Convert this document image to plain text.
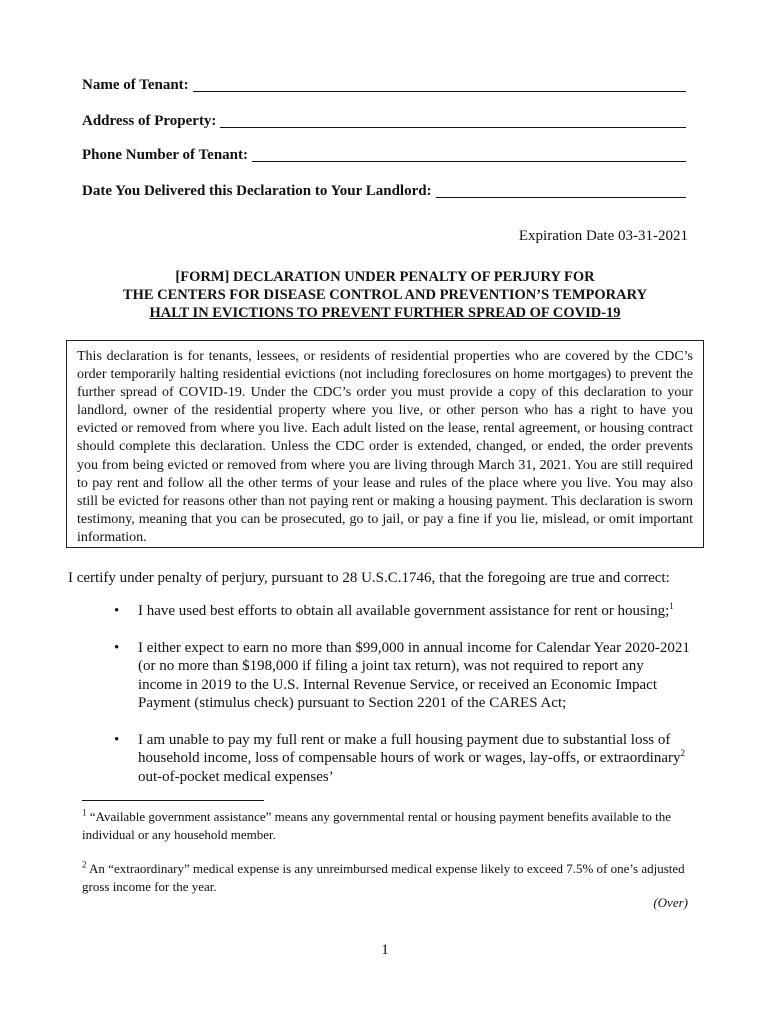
Name of Tenant:
Address of Property:
Phone Number of Tenant:
Date You Delivered this Declaration to Your Landlord:
Expiration Date 03-31-2021
[FORM] DECLARATION UNDER PENALTY OF PERJURY FOR
THE CENTERS FOR DISEASE CONTROL AND PREVENTION’S TEMPORARY
HALT IN EVICTIONS TO PREVENT FURTHER SPREAD OF COVID-19
This declaration is for tenants, lessees, or residents of residential properties who are covered by the CDC’s order temporarily halting residential evictions (not including foreclosures on home mortgages) to prevent the further spread of COVID-19. Under the CDC’s order you must provide a copy of this declaration to your landlord, owner of the residential property where you live, or other person who has a right to have you evicted or removed from where you live. Each adult listed on the lease, rental agreement, or housing contract should complete this declaration. Unless the CDC order is extended, changed, or ended, the order prevents you from being evicted or removed from where you are living through March 31, 2021. You are still required to pay rent and follow all the other terms of your lease and rules of the place where you live. You may also still be evicted for reasons other than not paying rent or making a housing payment. This declaration is sworn testimony, meaning that you can be prosecuted, go to jail, or pay a fine if you lie, mislead, or omit important information.
I certify under penalty of perjury, pursuant to 28 U.S.C.1746, that the foregoing are true and correct:
• I have used best efforts to obtain all available government assistance for rent or housing;$^1$
• I either expect to earn no more than $99,000 in annual income for Calendar Year 2020-2021 (or no more than $198,000 if filing a joint tax return), was not required to report any income in 2019 to the U.S. Internal Revenue Service, or received an Economic Impact Payment (stimulus check) pursuant to Section 2201 of the CARES Act;
• I am unable to pay my full rent or make a full housing payment due to substantial loss of household income, loss of compensable hours of work or wages, lay-offs, or extraordinary$^2$ out-of-pocket medical expenses’

$^1$ “Available government assistance” means any governmental rental or housing payment benefits available to the individual or any household member.

$^2$ An “extraordinary” medical expense is any unreimbursed medical expense likely to exceed 7.5% of one’s adjusted gross income for the year.

(Over)
1
